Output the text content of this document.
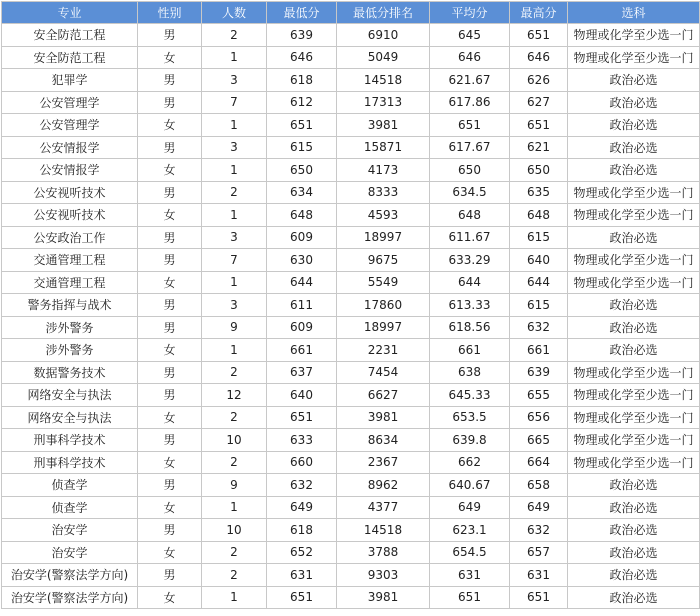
专业	性别	人数	最低分	最低分排名	平均分	最高分	选科
安全防范工程	男	2	639	6910	645	651	物理或化学至少选一门
安全防范工程	女	1	646	5049	646	646	物理或化学至少选一门
犯罪学	男	3	618	14518	621.67	626	政治必选
公安管理学	男	7	612	17313	617.86	627	政治必选
公安管理学	女	1	651	3981	651	651	政治必选
公安情报学	男	3	615	15871	617.67	621	政治必选
公安情报学	女	1	650	4173	650	650	政治必选
公安视听技术	男	2	634	8333	634.5	635	物理或化学至少选一门
公安视听技术	女	1	648	4593	648	648	物理或化学至少选一门
公安政治工作	男	3	609	18997	611.67	615	政治必选
交通管理工程	男	7	630	9675	633.29	640	物理或化学至少选一门
交通管理工程	女	1	644	5549	644	644	物理或化学至少选一门
警务指挥与战术	男	3	611	17860	613.33	615	政治必选
涉外警务	男	9	609	18997	618.56	632	政治必选
涉外警务	女	1	661	2231	661	661	政治必选
数据警务技术	男	2	637	7454	638	639	物理或化学至少选一门
网络安全与执法	男	12	640	6627	645.33	655	物理或化学至少选一门
网络安全与执法	女	2	651	3981	653.5	656	物理或化学至少选一门
刑事科学技术	男	10	633	8634	639.8	665	物理或化学至少选一门
刑事科学技术	女	2	660	2367	662	664	物理或化学至少选一门
侦查学	男	9	632	8962	640.67	658	政治必选
侦查学	女	1	649	4377	649	649	政治必选
治安学	男	10	618	14518	623.1	632	政治必选
治安学	女	2	652	3788	654.5	657	政治必选
治安学(警察法学方向)	男	2	631	9303	631	631	政治必选
治安学(警察法学方向)	女	1	651	3981	651	651	政治必选
